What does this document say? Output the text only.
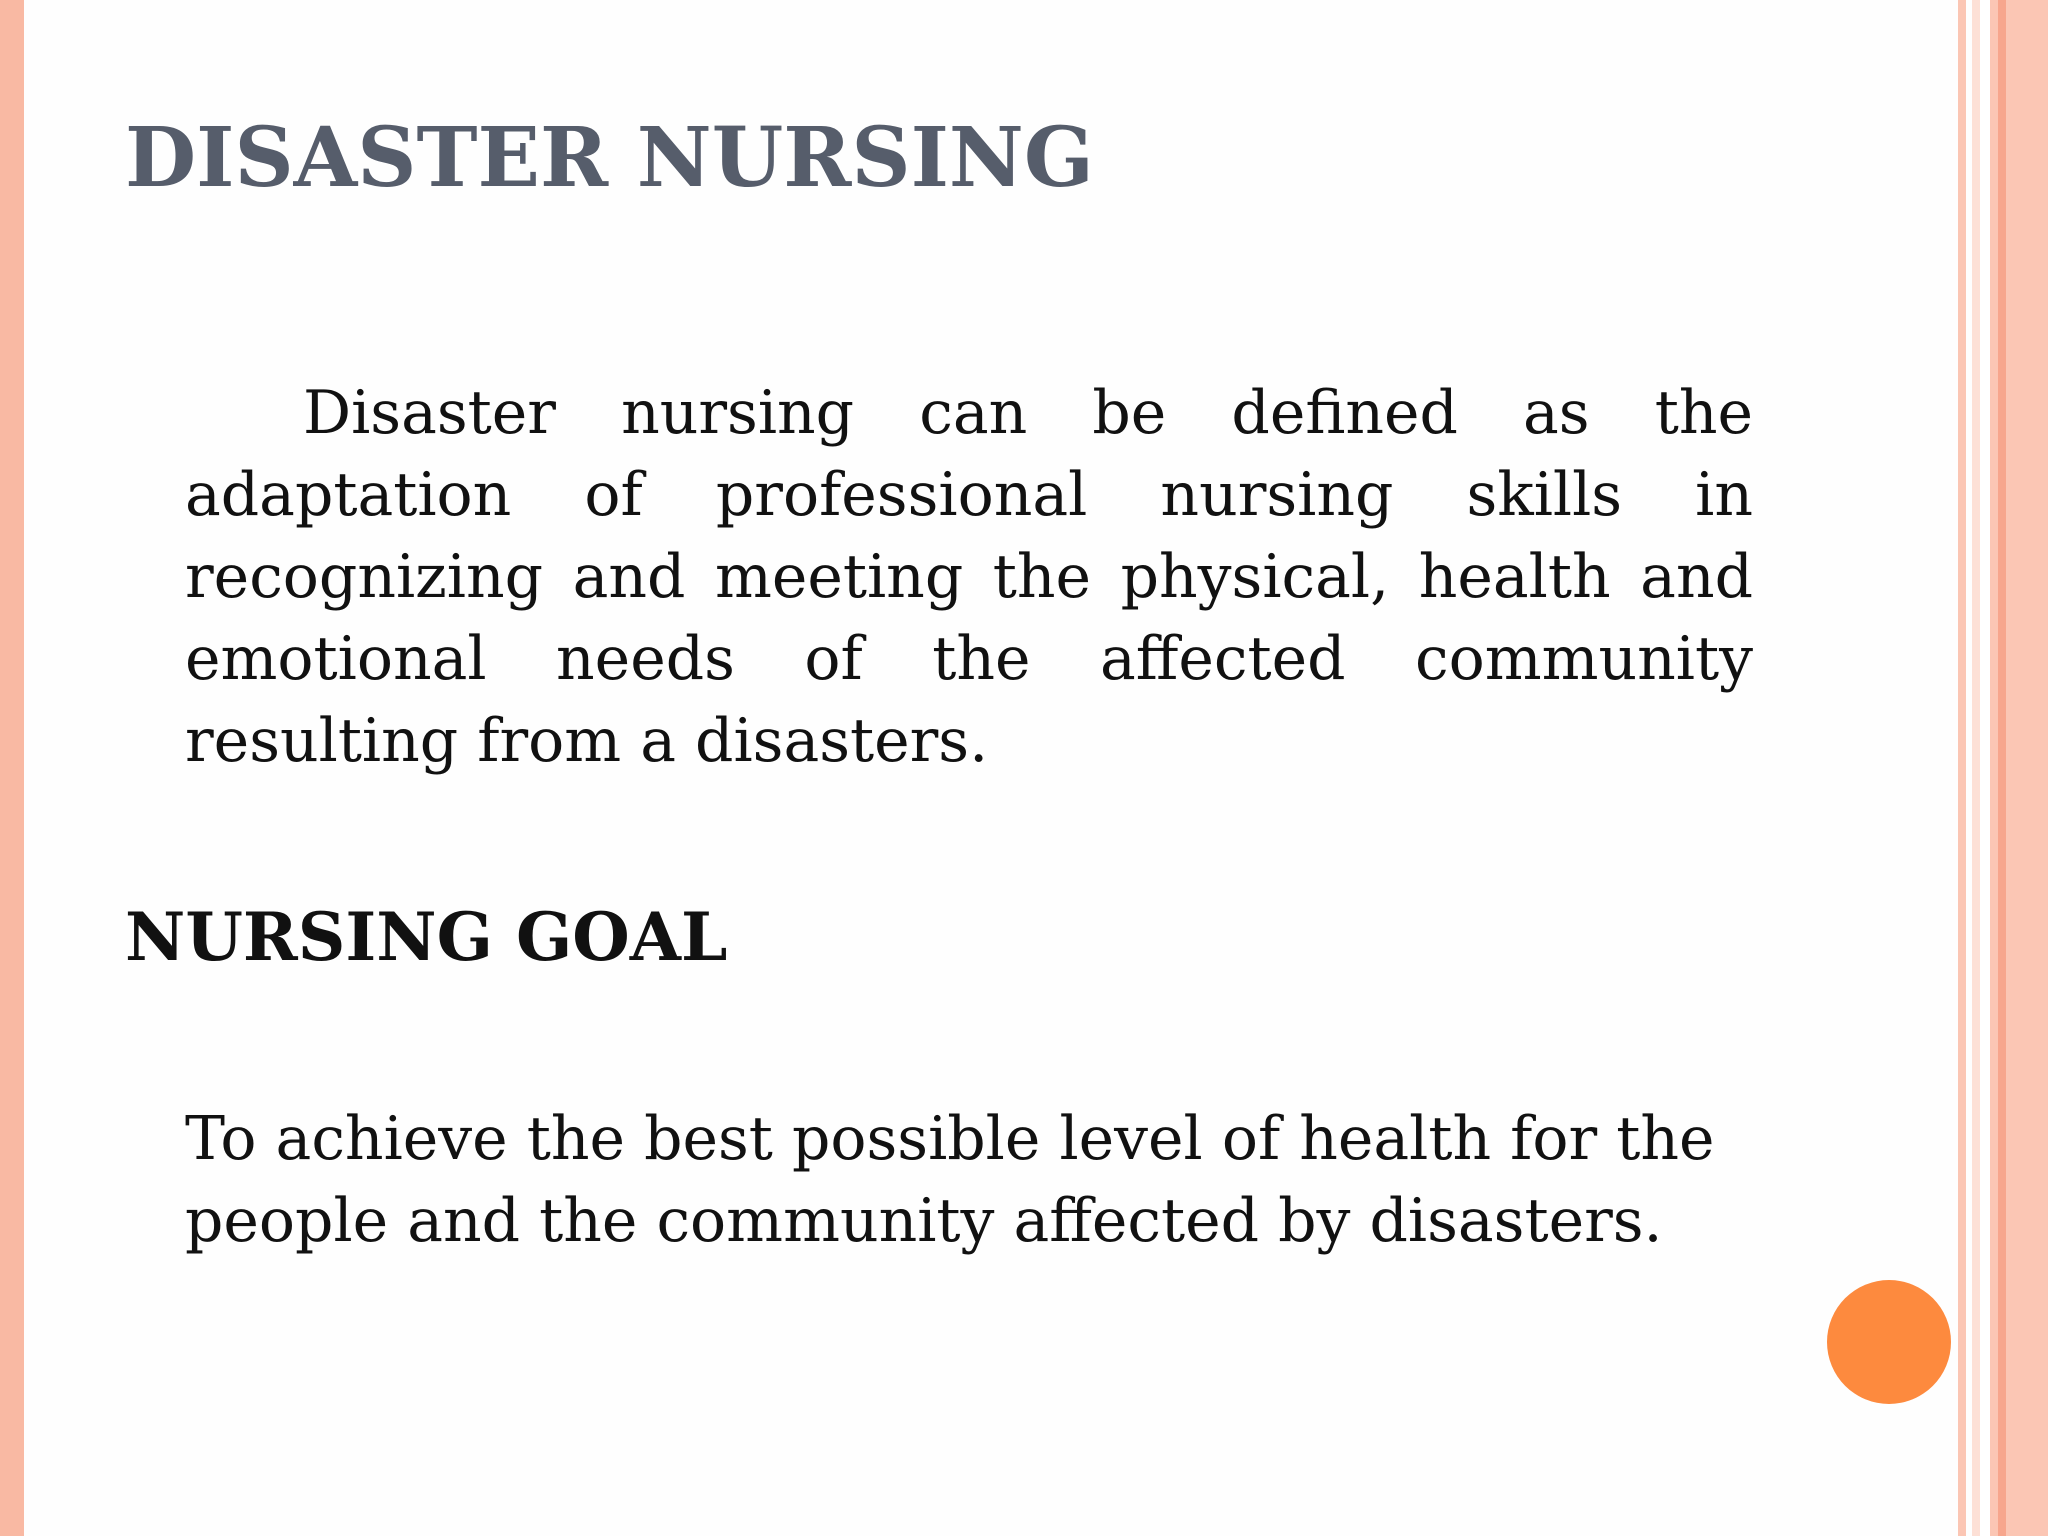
DISASTER NURSING

Disaster nursing can be defined as the adaptation of professional nursing skills in recognizing and meeting the physical, health and emotional needs of the affected community resulting from a disasters.

NURSING GOAL

To achieve the best possible level of health for the people and the community affected by disasters.
